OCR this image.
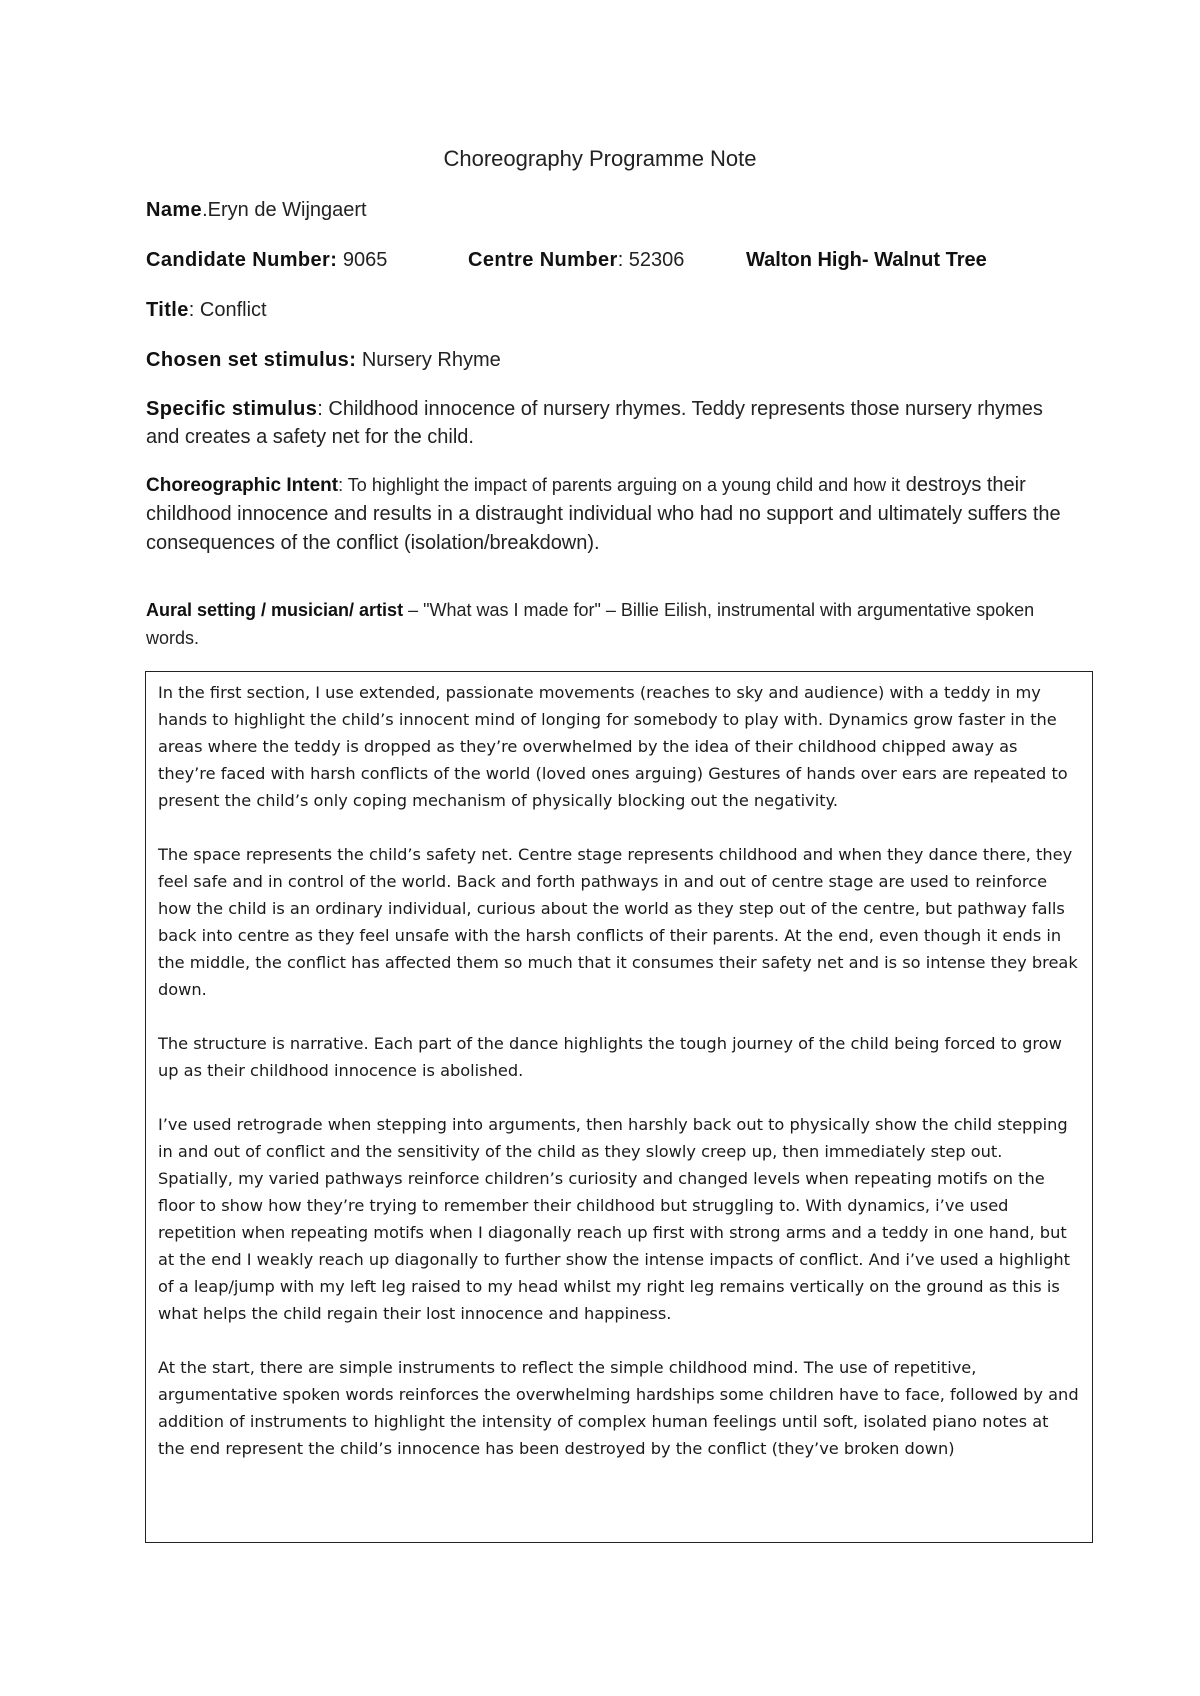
Choreography Programme Note
Name.Eryn de Wijngaert
Candidate Number: 9065	Centre Number: 52306	Walton High- Walnut Tree
Title: Conflict
Chosen set stimulus: Nursery Rhyme
Specific stimulus: Childhood innocence of nursery rhymes. Teddy represents those nursery rhymes and creates a safety net for the child.
Choreographic Intent: To highlight the impact of parents arguing on a young child and how it destroys their childhood innocence and results in a distraught individual who had no support and ultimately suffers the consequences of the conflict (isolation/breakdown).
Aural setting / musician/ artist – "What was I made for" – Billie Eilish, instrumental with argumentative spoken words.

In the first section, I use extended, passionate movements (reaches to sky and audience) with a teddy in my hands to highlight the child’s innocent mind of longing for somebody to play with. Dynamics grow faster in the areas where the teddy is dropped as they’re overwhelmed by the idea of their childhood chipped away as they’re faced with harsh conflicts of the world (loved ones arguing) Gestures of hands over ears are repeated to present the child’s only coping mechanism of physically blocking out the negativity.

The space represents the child’s safety net. Centre stage represents childhood and when they dance there, they feel safe and in control of the world. Back and forth pathways in and out of centre stage are used to reinforce how the child is an ordinary individual, curious about the world as they step out of the centre, but pathway falls back into centre as they feel unsafe with the harsh conflicts of their parents. At the end, even though it ends in the middle, the conflict has affected them so much that it consumes their safety net and is so intense they break down.

The structure is narrative. Each part of the dance highlights the tough journey of the child being forced to grow up as their childhood innocence is abolished.

I’ve used retrograde when stepping into arguments, then harshly back out to physically show the child stepping in and out of conflict and the sensitivity of the child as they slowly creep up, then immediately step out. Spatially, my varied pathways reinforce children’s curiosity and changed levels when repeating motifs on the floor to show how they’re trying to remember their childhood but struggling to. With dynamics, i’ve used repetition when repeating motifs when I diagonally reach up first with strong arms and a teddy in one hand, but at the end I weakly reach up diagonally to further show the intense impacts of conflict. And i’ve used a highlight of a leap/jump with my left leg raised to my head whilst my right leg remains vertically on the ground as this is what helps the child regain their lost innocence and happiness.

At the start, there are simple instruments to reflect the simple childhood mind. The use of repetitive, argumentative spoken words reinforces the overwhelming hardships some children have to face, followed by and addition of instruments to highlight the intensity of complex human feelings until soft, isolated piano notes at the end represent the child’s innocence has been destroyed by the conflict (they’ve broken down)
